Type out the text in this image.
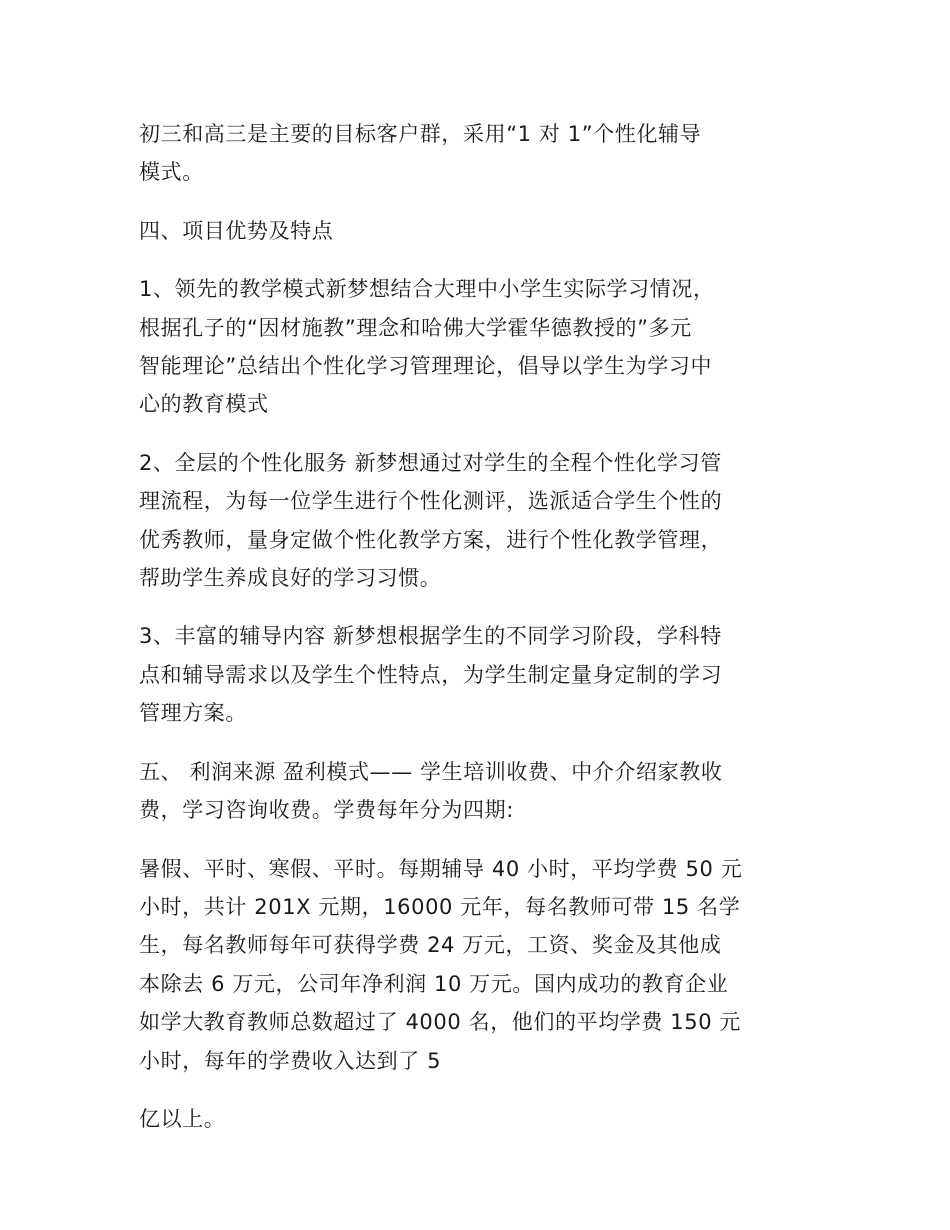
初三和高三是主要的目标客户群，采用“1 对 1”个性化辅导
模式。

四、项目优势及特点

1、领先的教学模式新梦想结合大理中小学生实际学习情况，
根据孔子的“因材施教”理念和哈佛大学霍华德教授的”多元
智能理论”总结出个性化学习管理理论，倡导以学生为学习中
心的教育模式

2、全层的个性化服务 新梦想通过对学生的全程个性化学习管
理流程，为每一位学生进行个性化测评，选派适合学生个性的
优秀教师，量身定做个性化教学方案，进行个性化教学管理，
帮助学生养成良好的学习习惯。

3、丰富的辅导内容 新梦想根据学生的不同学习阶段，学科特
点和辅导需求以及学生个性特点，为学生制定量身定制的学习
管理方案。

五、 利润来源 盈利模式—— 学生培训收费、中介介绍家教收
费，学习咨询收费。学费每年分为四期:

暑假、平时、寒假、平时。每期辅导 40 小时，平均学费 50 元
小时，共计 201X 元期，16000 元年，每名教师可带 15 名学
生，每名教师每年可获得学费 24 万元，工资、奖金及其他成
本除去 6 万元，公司年净利润 10 万元。国内成功的教育企业
如学大教育教师总数超过了 4000 名，他们的平均学费 150 元
小时，每年的学费收入达到了 5

亿以上。
